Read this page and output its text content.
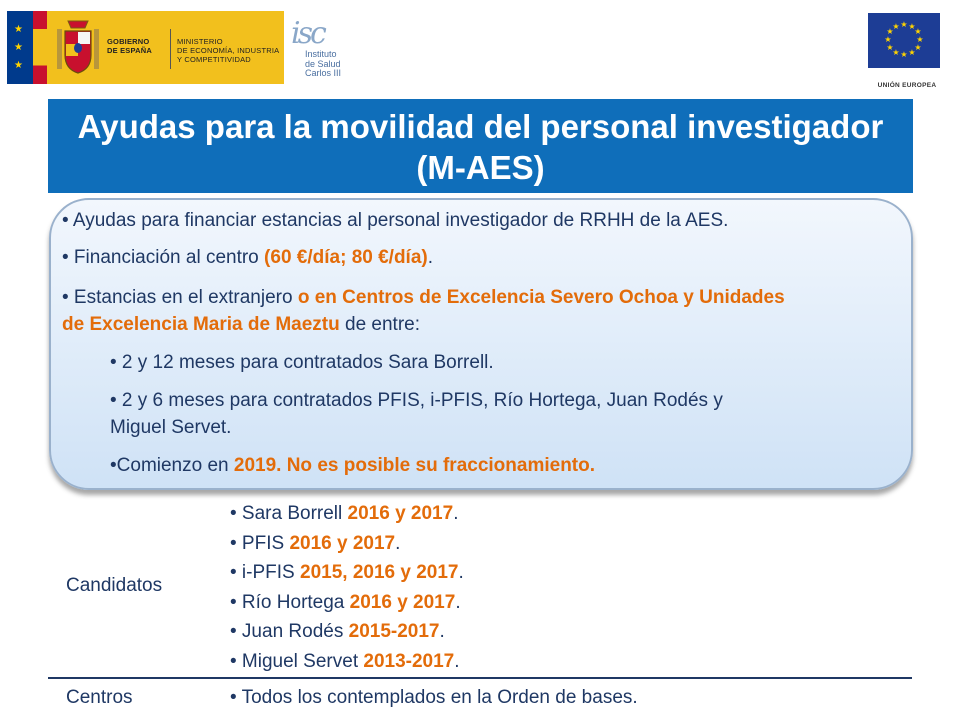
★
★
★
GOBIERNO
DE ESPAÑA
MINISTERIO
DE ECONOMÍA, INDUSTRIA
Y COMPETITIVIDAD
isc
Instituto
de Salud
Carlos III
★ ★
★
★
★
★
★
★
★
★
★
★
UNIÓN EUROPEA
Ayudas para la movilidad del personal investigador
(M-AES)
• Ayudas para financiar estancias al personal investigador de RRHH de la AES.
• Financiación al centro (60 €/día; 80 €/día).
• Estancias en el extranjero o en Centros de Excelencia Severo Ochoa y Unidades
de Excelencia Maria de Maeztu de entre:
• 2 y 12 meses para contratados Sara Borrell.
• 2 y 6 meses para contratados PFIS, i-PFIS, Río Hortega, Juan Rodés y
Miguel Servet.
•Comienzo en 2019. No es posible su fraccionamiento.
Candidatos
• Sara Borrell 2016 y 2017.
• PFIS 2016 y 2017.
• i-PFIS 2015, 2016 y 2017.
• Río Hortega 2016 y 2017.
• Juan Rodés 2015-2017.
• Miguel Servet 2013-2017.
Centros	• Todos los contemplados en la Orden de bases.
